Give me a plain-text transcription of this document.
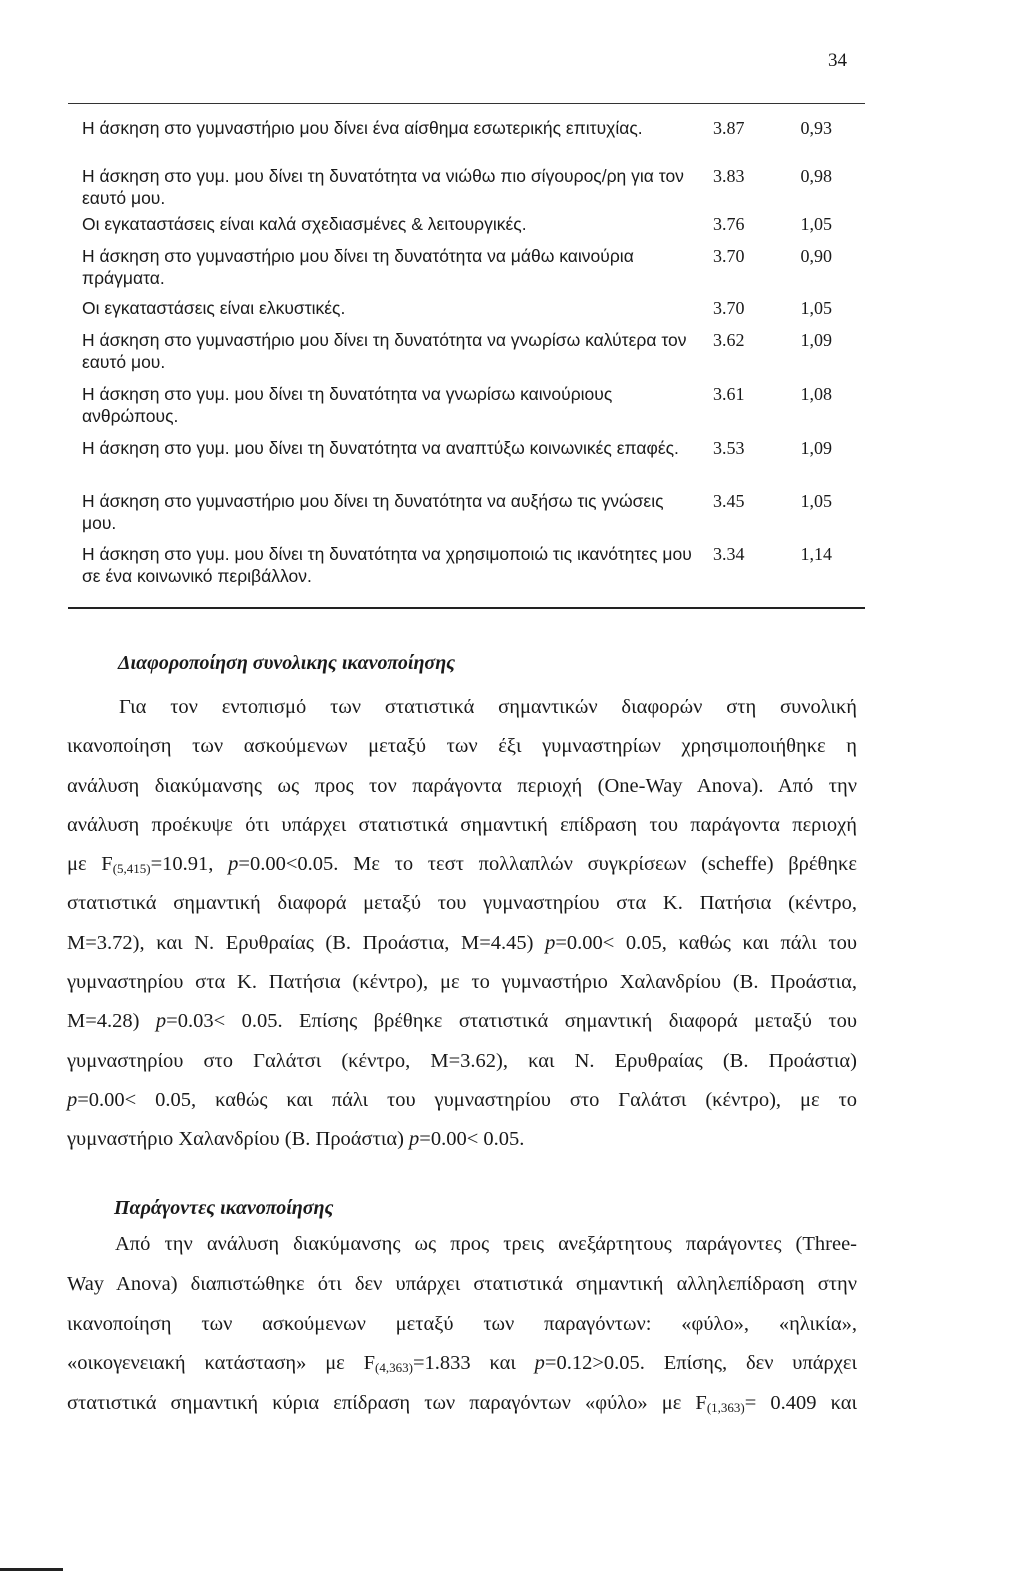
34
Η άσκηση στο γυμναστήριο μου δίνει ένα αίσθημα εσωτερικής επιτυχίας.	3.87	0,93
Η άσκηση στο γυμ. μου δίνει τη δυνατότητα να νιώθω πιο σίγουρος/ρη για τον εαυτό μου.	3.83	0,98
Οι εγκαταστάσεις είναι καλά σχεδιασμένες & λειτουργικές.	3.76	1,05
Η άσκηση στο γυμναστήριο μου δίνει τη δυνατότητα να μάθω καινούρια πράγματα.	3.70	0,90
Οι εγκαταστάσεις είναι ελκυστικές.	3.70	1,05
Η άσκηση στο γυμναστήριο μου δίνει τη δυνατότητα να γνωρίσω καλύτερα τον εαυτό μου.	3.62	1,09
Η άσκηση στο γυμ. μου δίνει τη δυνατότητα να γνωρίσω καινούριους ανθρώπους.	3.61	1,08
Η άσκηση στο γυμ. μου δίνει τη δυνατότητα να αναπτύξω κοινωνικές επαφές.	3.53	1,09
Η άσκηση στο γυμναστήριο μου δίνει τη δυνατότητα να αυξήσω τις γνώσεις μου.	3.45	1,05
Η άσκηση στο γυμ. μου δίνει τη δυνατότητα να χρησιμοποιώ τις ικανότητες μου σε ένα κοινωνικό περιβάλλον.	3.34	1,14
Διαφοροποίηση συνολικης ικανοποίησης
Για τον εντοπισμό των στατιστικά σημαντικών διαφορών στη συνολική
ικανοποίηση των ασκούμενων μεταξύ των έξι γυμναστηρίων χρησιμοποιήθηκε η
ανάλυση διακύμανσης ως προς τον παράγοντα περιοχή (One-Way Anova). Από την
ανάλυση προέκυψε ότι υπάρχει στατιστικά σημαντική επίδραση του παράγοντα περιοχή
με $F_{(5,415)}=10.91$, p=0.00<0.05. Με το τεστ πολλαπλών συγκρίσεων (scheffe) βρέθηκε
στατιστικά σημαντική διαφορά μεταξύ του γυμναστηρίου στα Κ. Πατήσια (κέντρο,
Μ=3.72), και Ν. Ερυθραίας (Β. Προάστια, Μ=4.45) p=0.00< 0.05, καθώς και πάλι του
γυμναστηρίου στα Κ. Πατήσια (κέντρο), με το γυμναστήριο Χαλανδρίου (Β. Προάστια,
Μ=4.28) p=0.03< 0.05. Επίσης βρέθηκε στατιστικά σημαντική διαφορά μεταξύ του
γυμναστηρίου στο Γαλάτσι (κέντρο, Μ=3.62), και Ν. Ερυθραίας (Β. Προάστια)
p=0.00< 0.05, καθώς και πάλι του γυμναστηρίου στο Γαλάτσι (κέντρο), με το
γυμναστήριο Χαλανδρίου (Β. Προάστια) p=0.00< 0.05.
Παράγοντες ικανοποίησης
Από την ανάλυση διακύμανσης ως προς τρεις ανεξάρτητους παράγοντες (Three-
Way Anova) διαπιστώθηκε ότι δεν υπάρχει στατιστικά σημαντική αλληλεπίδραση στην
ικανοποίηση των ασκούμενων μεταξύ των παραγόντων: «φύλο», «ηλικία»,
«οικογενειακή κατάσταση» με $F_{(4,363)}=1.833$ και p=0.12>0.05. Επίσης, δεν υπάρχει
στατιστικά σημαντική κύρια επίδραση των παραγόντων «φύλο» με $F_{(1,363)}= 0.409$ και
